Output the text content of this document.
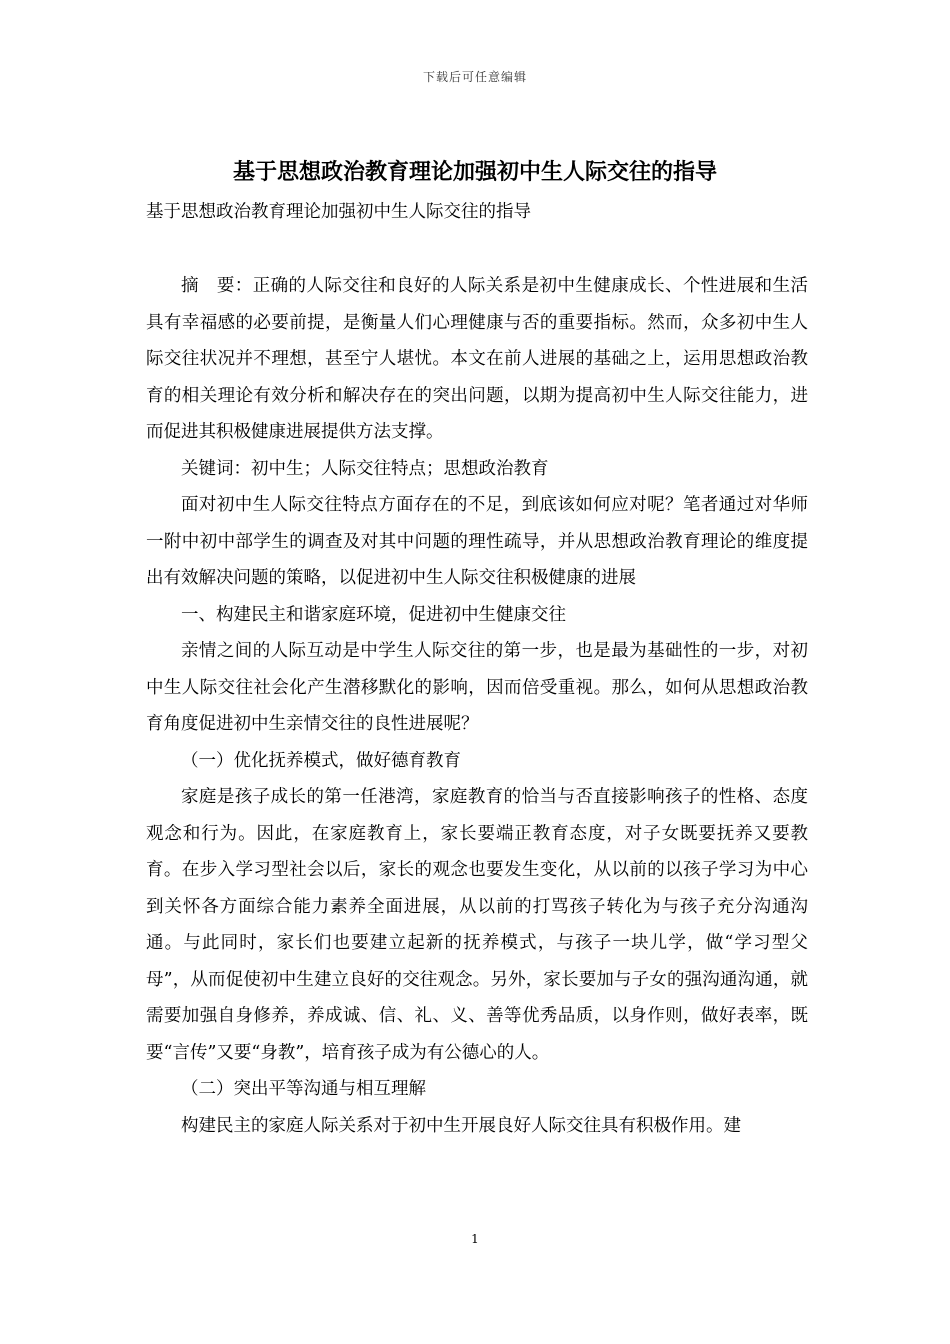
下载后可任意编辑
基于思想政治教育理论加强初中生人际交往的指导

基于思想政治教育理论加强初中生人际交往的指导

摘　要：正确的人际交往和良好的人际关系是初中生健康成长、个性进展和生活具有幸福感的必要前提，是衡量人们心理健康与否的重要指标。然而，众多初中生人际交往状况并不理想，甚至宁人堪忧。本文在前人进展的基础之上，运用思想政治教育的相关理论有效分析和解决存在的突出问题，以期为提高初中生人际交往能力，进而促进其积极健康进展提供方法支撑。

关键词：初中生；人际交往特点；思想政治教育

面对初中生人际交往特点方面存在的不足，到底该如何应对呢？笔者通过对华师一附中初中部学生的调查及对其中问题的理性疏导，并从思想政治教育理论的维度提出有效解决问题的策略，以促进初中生人际交往积极健康的进展

一、构建民主和谐家庭环境，促进初中生健康交往

亲情之间的人际互动是中学生人际交往的第一步，也是最为基础性的一步，对初中生人际交往社会化产生潜移默化的影响，因而倍受重视。那么，如何从思想政治教育角度促进初中生亲情交往的良性进展呢？

（一）优化抚养模式，做好德育教育

家庭是孩子成长的第一任港湾，家庭教育的恰当与否直接影响孩子的性格、态度观念和行为。因此，在家庭教育上，家长要端正教育态度，对子女既要抚养又要教育。在步入学习型社会以后，家长的观念也要发生变化，从以前的以孩子学习为中心到关怀各方面综合能力素养全面进展，从以前的打骂孩子转化为与孩子充分沟通沟通。与此同时，家长们也要建立起新的抚养模式，与孩子一块儿学，做“学习型父母”，从而促使初中生建立良好的交往观念。另外，家长要加与子女的强沟通沟通，就需要加强自身修养，养成诚、信、礼、义、善等优秀品质，以身作则，做好表率，既要“言传”又要“身教”，培育孩子成为有公德心的人。

（二）突出平等沟通与相互理解

构建民主的家庭人际关系对于初中生开展良好人际交往具有积极作用。建

1
